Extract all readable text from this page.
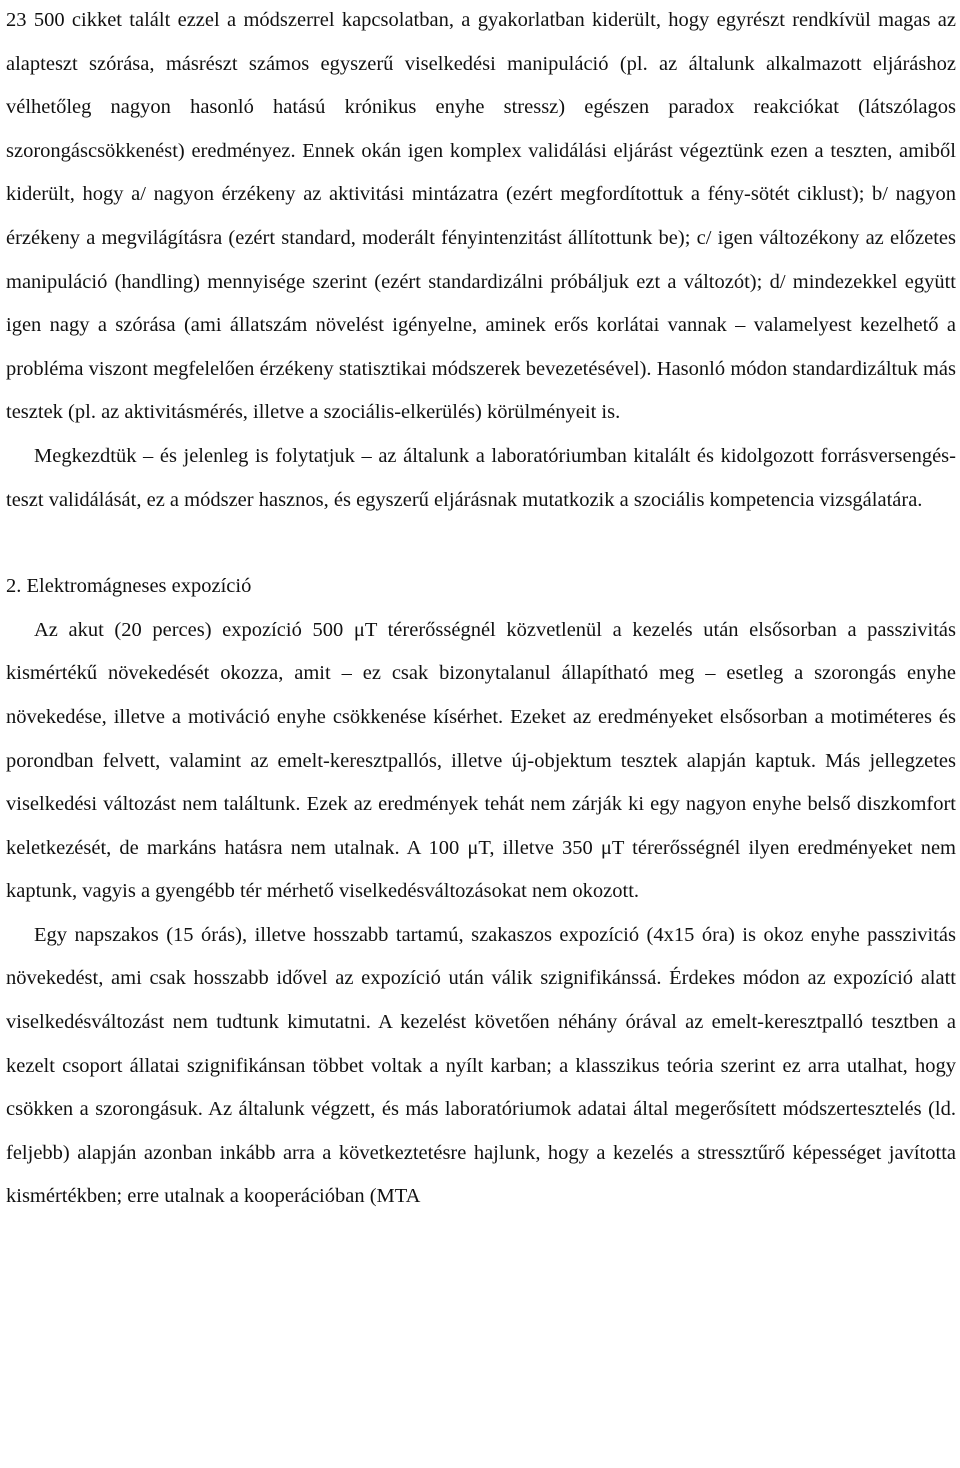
23 500 cikket talált ezzel a módszerrel kapcsolatban, a gyakorlatban kiderült, hogy egyrészt rendkívül magas az alapteszt szórása, másrészt számos egyszerű viselkedési manipuláció (pl. az általunk alkalmazott eljáráshoz vélhetőleg nagyon hasonló hatású krónikus enyhe stressz) egészen paradox reakciókat (látszólagos szorongáscsökkenést) eredményez. Ennek okán igen komplex validálási eljárást végeztünk ezen a teszten, amiből kiderült, hogy a/ nagyon érzékeny az aktivitási mintázatra (ezért megfordítottuk a fény-sötét ciklust); b/ nagyon érzékeny a megvilágításra (ezért standard, moderált fényintenzitást állítottunk be); c/ igen változékony az előzetes manipuláció (handling) mennyisége szerint (ezért standardizálni próbáljuk ezt a változót); d/ mindezekkel együtt igen nagy a szórása (ami állatszám növelést igényelne, aminek erős korlátai vannak – valamelyest kezelhető a probléma viszont megfelelően érzékeny statisztikai módszerek bevezetésével). Hasonló módon standardizáltuk más tesztek (pl. az aktivitásmérés, illetve a szociális-elkerülés) körülményeit is.

Megkezdtük – és jelenleg is folytatjuk – az általunk a laboratóriumban kitalált és kidolgozott forrásversengés-teszt validálását, ez a módszer hasznos, és egyszerű eljárásnak mutatkozik a szociális kompetencia vizsgálatára.

2. Elektromágneses expozíció

Az akut (20 perces) expozíció 500 μT térerősségnél közvetlenül a kezelés után elsősorban a passzivitás kismértékű növekedését okozza, amit – ez csak bizonytalanul állapítható meg – esetleg a szorongás enyhe növekedése, illetve a motiváció enyhe csökkenése kísérhet. Ezeket az eredményeket elsősorban a motiméteres és porondban felvett, valamint az emelt-keresztpallós, illetve új-objektum tesztek alapján kaptuk. Más jellegzetes viselkedési változást nem találtunk. Ezek az eredmények tehát nem zárják ki egy nagyon enyhe belső diszkomfort keletkezését, de markáns hatásra nem utalnak. A 100 μT, illetve 350 μT térerősségnél ilyen eredményeket nem kaptunk, vagyis a gyengébb tér mérhető viselkedésváltozásokat nem okozott.

Egy napszakos (15 órás), illetve hosszabb tartamú, szakaszos expozíció (4x15 óra) is okoz enyhe passzivitás növekedést, ami csak hosszabb idővel az expozíció után válik szignifikánssá. Érdekes módon az expozíció alatt viselkedésváltozást nem tudtunk kimutatni. A kezelést követően néhány órával az emelt-keresztpalló tesztben a kezelt csoport állatai szignifikánsan többet voltak a nyílt karban; a klasszikus teória szerint ez arra utalhat, hogy csökken a szorongásuk. Az általunk végzett, és más laboratóriumok adatai által megerősített módszertesztelés (ld. feljebb) alapján azonban inkább arra a következtetésre hajlunk, hogy a kezelés a stressztűrő képességet javította kismértékben; erre utalnak a kooperációban (MTA
